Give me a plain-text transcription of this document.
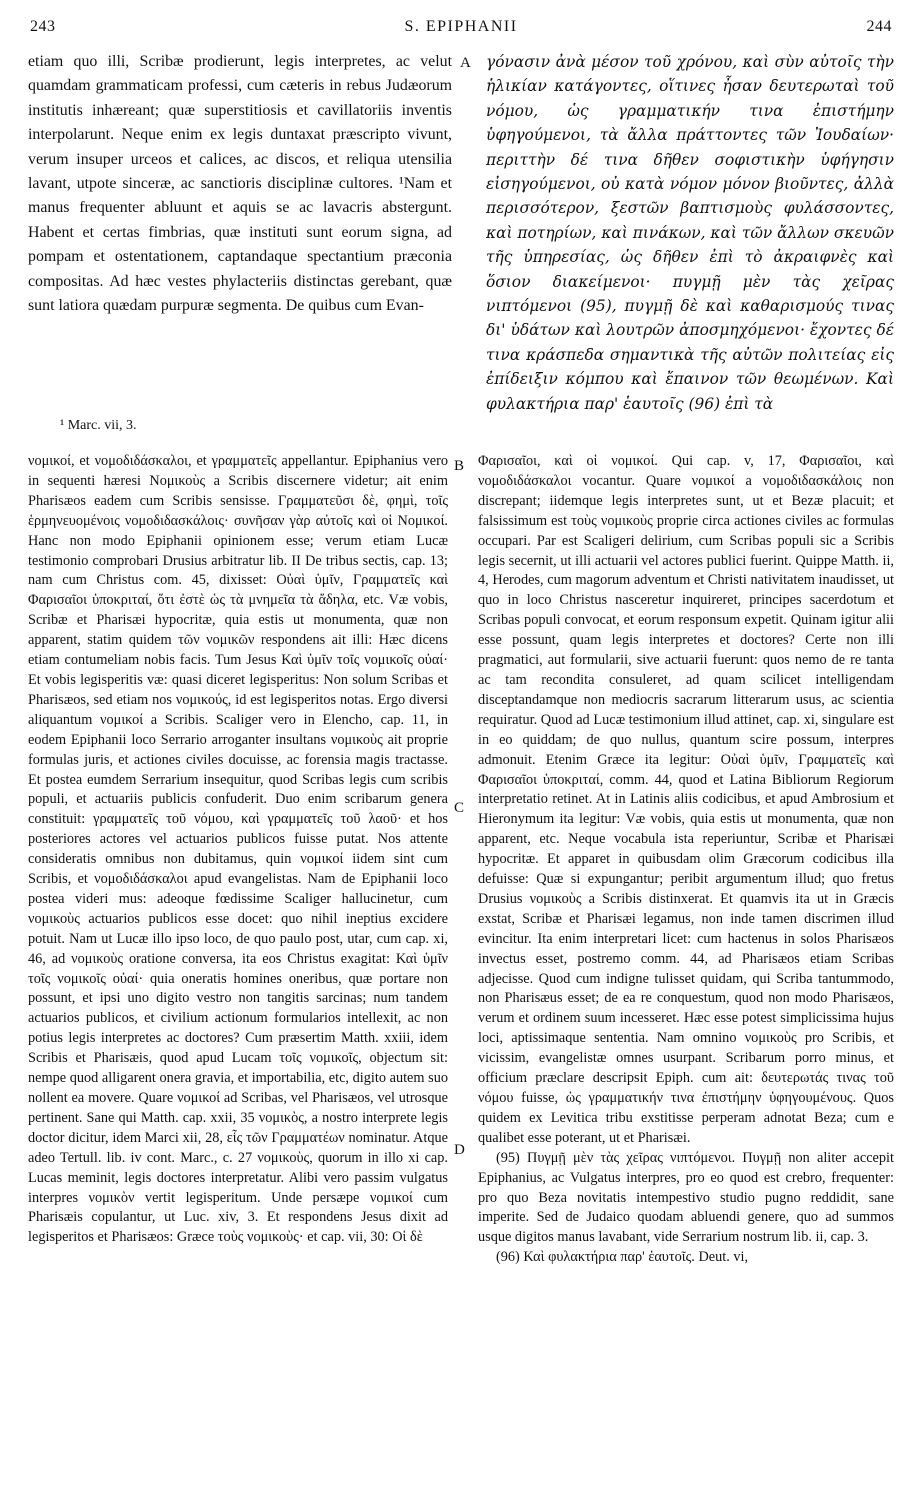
243	S. EPIPHANII	244

etiam quo illi, Scribæ prodierunt, legis interpretes, ac velut quamdam grammaticam professi, cum cæteris in rebus Judæorum institutis inhæreant; quæ superstitiosis et cavillatoriis inventis interpolarunt. Neque enim ex legis duntaxat præscripto vivunt, verum insuper urceos et calices, ac discos, et reliqua utensilia lavant, utpote sinceræ, ac sanctioris disciplinæ cultores. ¹Nam et manus frequenter abluunt et aquis se ac lavacris abstergunt. Habent et certas fimbrias, quæ instituti sunt eorum signa, ad pompam et ostentationem, captandaque spectantium præconia compositas. Ad hæc vestes phylacteriis distinctas gerebant, quæ sunt latiora quædam purpuræ segmenta. De quibus cum Evan-

A γόνασιν ἀνὰ μέσον τοῦ χρόνου, καὶ σὺν αὐτοῖς τὴν ἡλικίαν κατάγοντες, οἵτινες ἦσαν δευτερωταὶ τοῦ νόμου, ὡς γραμματικήν τινα ἐπιστήμην ὑφηγούμενοι, τὰ ἄλλα πράττοντες τῶν Ἰουδαίων· περιττὴν δέ τινα δῆθεν σοφιστικὴν ὑφήγησιν εἰσηγούμενοι, οὐ κατὰ νόμον μόνον βιοῦντες, ἀλλὰ περισσότερον, ξεστῶν βαπτισμοὺς φυλάσσοντες, καὶ ποτηρίων, καὶ πινάκων, καὶ τῶν ἄλλων σκευῶν τῆς ὑπηρεσίας, ὡς δῆθεν ἐπὶ τὸ ἀκραιφνὲς καὶ ὅσιον διακείμενοι· πυγμῇ μὲν τὰς χεῖρας νιπτόμενοι (95), πυγμῇ δὲ καὶ καθαρισμούς τινας δι' ὑδάτων καὶ λουτρῶν ἀποσμηχόμενοι· ἔχοντες δέ τινα κράσπεδα σημαντικὰ τῆς αὐτῶν πολιτείας εἰς ἐπίδειξιν κόμπου καὶ ἔπαινον τῶν θεωμένων. Καὶ φυλακτήρια παρ' ἑαυτοῖς (96) ἐπὶ τὰ

¹ Marc. vii, 3.

νομικοί, et νομοδιδάσκαλοι, et γραμματεῖς appellantur. Epiphanius vero in sequenti hæresi Νομικοὺς a Scribis discernere videtur; ait enim Pharisæos eadem cum Scribis sensisse. Γραμματεῦσι δὲ, φημὶ, τοῖς ἑρμηνευομένοις νομοδιδασκάλοις· συνῆσαν γὰρ αὐτοῖς καὶ οἱ Νομικοί. Hanc non modo Epiphanii opinionem esse; verum etiam Lucæ testimonio comprobari Drusius arbitratur lib. II De tribus sectis, cap. 13; nam cum Christus com. 45, dixisset: Οὐαὶ ὑμῖν, Γραμματεῖς καὶ Φαρισαῖοι ὑποκριταί, ὅτι ἐστὲ ὡς τὰ μνημεῖα τὰ ἄδηλα, etc. Væ vobis, Scribæ et Pharisæi hypocritæ, quia estis ut monumenta, quæ non apparent, statim quidem τῶν νομικῶν respondens ait illi: Hæc dicens etiam contumeliam nobis facis. Tum Jesus Καὶ ὑμῖν τοῖς νομικοῖς οὐαί· Et vobis legisperitis væ: quasi diceret legisperitus: Non solum Scribas et Pharisæos, sed etiam nos νομικούς, id est legisperitos notas. Ergo diversi aliquantum νομικοί a Scribis. Scaliger vero in Elencho, cap. 11, in eodem Epiphanii loco Serrario arroganter insultans νομικοὺς ait proprie formulas juris, et actiones civiles docuisse, ac forensia magis tractasse. Et postea eumdem Serrarium insequitur, quod Scribas legis cum scribis populi, et actuariis publicis confuderit. Duo enim scribarum genera constituit: γραμματεῖς τοῦ νόμου, καὶ γραμματεῖς τοῦ λαοῦ· et hos posteriores actores vel actuarios publicos fuisse putat. Nos attente consideratis omnibus non dubitamus, quin νομικοί iidem sint cum Scribis, et νομοδιδάσκαλοι apud evangelistas. Nam de Epiphanii loco postea videri mus: adeoque fœdissime Scaliger hallucinetur, cum νομικοὺς actuarios publicos esse docet: quo nihil ineptius excidere potuit. Nam ut Lucæ illo ipso loco, de quo paulo post, utar, cum cap. xi, 46, ad νομικοὺς oratione conversa, ita eos Christus exagitat: Καὶ ὑμῖν τοῖς νομικοῖς οὐαί· quia oneratis homines oneribus, quæ portare non possunt, et ipsi uno digito vestro non tangitis sarcinas; num tandem actuarios publicos, et civilium actionum formularios intellexit, ac non potius legis interpretes ac doctores? Cum præsertim Matth. xxiii, idem Scribis et Pharisæis, quod apud Lucam τοῖς νομικοῖς, objectum sit: nempe quod alligarent onera gravia, et importabilia, etc, digito autem suo nollent ea movere. Quare νομικοί ad Scribas, vel Pharisæos, vel utrosque pertinent. Sane qui Matth. cap. xxii, 35 νομικὸς, a nostro interprete legis doctor dicitur, idem Marci xii, 28, εἷς τῶν Γραμματέων nominatur. Atque adeo Tertull. lib. iv cont. Marc., c. 27 νομικοὺς, quorum in illo xi cap. Lucas meminit, legis doctores interpretatur. Alibi vero passim vulgatus interpres νομικὸν vertit legisperitum. Unde persæpe νομικοί cum Pharisæis copulantur, ut Luc. xiv, 3. Et respondens Jesus dixit ad legisperitos et Pharisæos: Græce τοὺς νομικοὺς· et cap. vii, 30: Οἱ δὲ

B
C
D

Φαρισαῖοι, καὶ οἱ νομικοί. Qui cap. v, 17, Φαρισαῖοι, καὶ νομοδιδάσκαλοι vocantur. Quare νομικοί a νομοδιδασκάλοις non discrepant; iidemque legis interpretes sunt, ut et Bezæ placuit; et falsissimum est τοὺς νομικοὺς proprie circa actiones civiles ac formulas occupari. Par est Scaligeri delirium, cum Scribas populi sic a Scribis legis secernit, ut illi actuarii vel actores publici fuerint. Quippe Matth. ii, 4, Herodes, cum magorum adventum et Christi nativitatem inaudisset, ut quo in loco Christus nasceretur inquireret, principes sacerdotum et Scribas populi convocat, et eorum responsum expetit. Quinam igitur alii esse possunt, quam legis interpretes et doctores? Certe non illi pragmatici, aut formularii, sive actuarii fuerunt: quos nemo de re tanta ac tam recondita consuleret, ad quam scilicet intelligendam disceptandamque non mediocris sacrarum litterarum usus, ac scientia requiratur. Quod ad Lucæ testimonium illud attinet, cap. xi, singulare est in eo quiddam; de quo nullus, quantum scire possum, interpres admonuit. Etenim Græce ita legitur: Οὐαὶ ὑμῖν, Γραμματεῖς καὶ Φαρισαῖοι ὑποκριταί, comm. 44, quod et Latina Bibliorum Regiorum interpretatio retinet. At in Latinis aliis codicibus, et apud Ambrosium et Hieronymum ita legitur: Væ vobis, quia estis ut monumenta, quæ non apparent, etc. Neque vocabula ista reperiuntur, Scribæ et Pharisæi hypocritæ. Et apparet in quibusdam olim Græcorum codicibus illa defuisse: Quæ si expungantur; peribit argumentum illud; quo fretus Drusius νομικοὺς a Scribis distinxerat. Et quamvis ita ut in Græcis exstat, Scribæ et Pharisæi legamus, non inde tamen discrimen illud evincitur. Ita enim interpretari licet: cum hactenus in solos Pharisæos invectus esset, postremo comm. 44, ad Pharisæos etiam Scribas adjecisse. Quod cum indigne tulisset quidam, qui Scriba tantummodo, non Pharisæus esset; de ea re conquestum, quod non modo Pharisæos, verum et ordinem suum incesseret. Hæc esse potest simplicissima hujus loci, aptissimaque sententia. Nam omnino νομικοὺς pro Scribis, et vicissim, evangelistæ omnes usurpant. Scribarum porro minus, et officium præclare descripsit Epiph. cum ait: δευτερωτάς τινας τοῦ νόμου fuisse, ὡς γραμματικήν τινα ἐπιστήμην ὑφηγουμένους. Quos quidem ex Levitica tribu exstitisse perperam adnotat Beza; cum e qualibet esse poterant, ut et Pharisæi.

(95) Πυγμῇ μὲν τὰς χεῖρας νιπτόμενοι. Πυγμῇ non aliter accepit Epiphanius, ac Vulgatus interpres, pro eo quod est crebro, frequenter: pro quo Beza novitatis intempestivo studio pugno reddidit, sane imperite. Sed de Judaico quodam abluendi genere, quo ad summos usque digitos manus lavabant, vide Serrarium nostrum lib. ii, cap. 3.

(96) Καὶ φυλακτήρια παρ' ἑαυτοῖς. Deut. vi,
